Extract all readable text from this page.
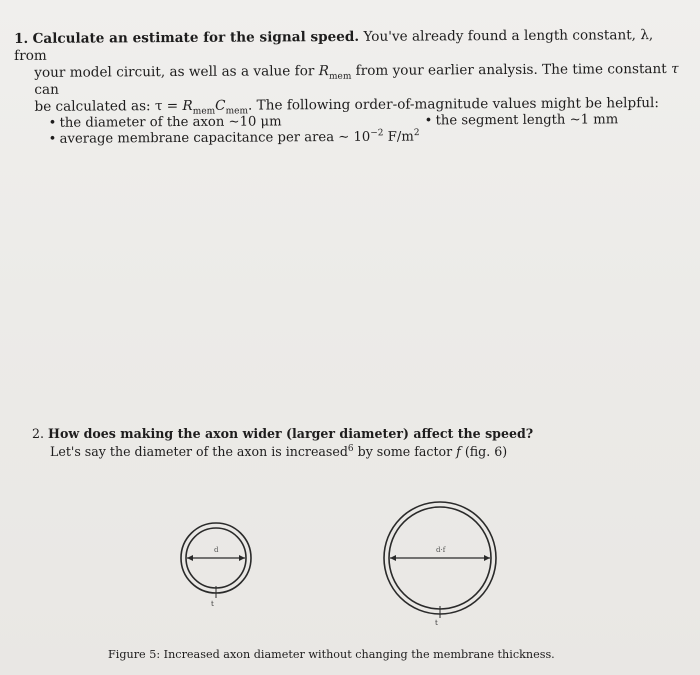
1. Calculate an estimate for the signal speed. You've already found a length constant, λ, from
your model circuit, as well as a value for $R_{mem}$ from your earlier analysis. The time constant τ can
be calculated as: $\tau = R_{mem}C_{mem}$. The following order-of-magnitude values might be helpful:
• the diameter of the axon ~10 μm	• the segment length ~1 mm
• average membrane capacitance per area ~ $10^{-2}$ $F/m^2$
2. How does making the axon wider (larger diameter) affect the speed?
Let's say the diameter of the axon is increased$^6$ by some factor f (fig. 6)
d
t
d·f
t
Figure 5: Increased axon diameter without changing the membrane thickness.
